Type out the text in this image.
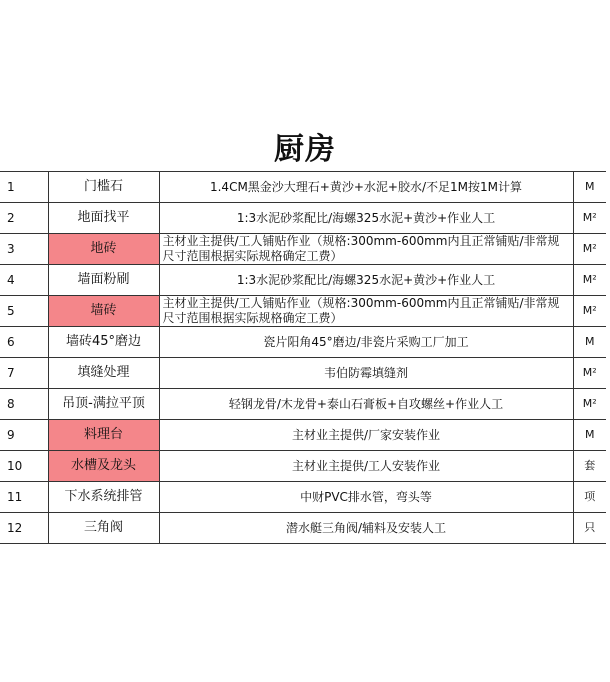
厨房
1	门槛石	1.4CM黑金沙大理石+黄沙+水泥+胶水/不足1M按1M计算	M
2	地面找平	1:3水泥砂浆配比/海螺325水泥+黄沙+作业人工	M²
3	地砖	主材业主提供/工人铺贴作业（规格:300mm-600mm内且正常铺贴/非常规尺寸范围根据实际规格确定工费）	M²
4	墙面粉刷	1:3水泥砂浆配比/海螺325水泥+黄沙+作业人工	M²
5	墙砖	主材业主提供/工人铺贴作业（规格:300mm-600mm内且正常铺贴/非常规尺寸范围根据实际规格确定工费）	M²
6	墙砖45°磨边	瓷片阳角45°磨边/非瓷片采购工厂加工	M
7	填缝处理	韦伯防霉填缝剂	M²
8	吊顶-满拉平顶	轻钢龙骨/木龙骨+泰山石膏板+自攻螺丝+作业人工	M²
9	料理台	主材业主提供/厂家安装作业	M
10	水槽及龙头	主材业主提供/工人安装作业	套
11	下水系统排管	中财PVC排水管，弯头等	项
12	三角阀	潜水艇三角阀/辅料及安装人工	只
